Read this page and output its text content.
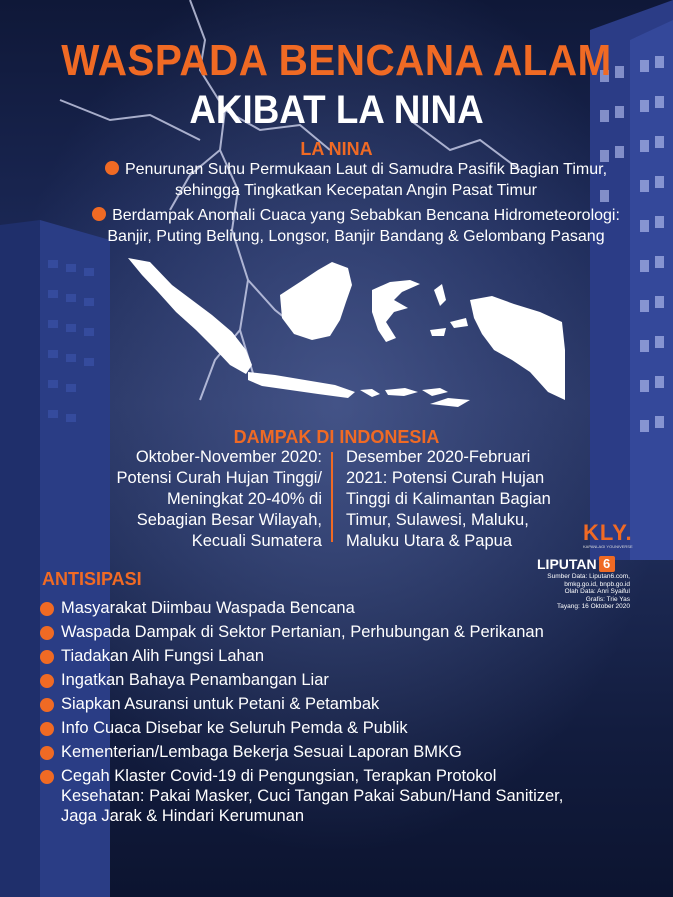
WASPADA BENCANA ALAM
AKIBAT LA NINA
LA NINA
Penurunan Suhu Permukaan Laut di Samudra Pasifik Bagian Timur,
sehingga Tingkatkan Kecepatan Angin Pasat Timur
Berdampak Anomali Cuaca yang Sebabkan Bencana Hidrometeorologi:
Banjir, Puting Beliung, Longsor, Banjir Bandang & Gelombang Pasang
DAMPAK DI INDONESIA
Oktober-November 2020:
Potensi Curah Hujan Tinggi/
Meningkat 20-40% di
Sebagian Besar Wilayah,
Kecuali Sumatera
Desember 2020-Februari
2021: Potensi Curah Hujan
Tinggi di Kalimantan Bagian
Timur, Sulawesi, Maluku,
Maluku Utara & Papua	KLY.
KAPANLAGI YOUNIVERSE
LIPUTAN 6
Sumber Data: Liputan6.com,
bmkg.go.id, bnpb.go.id
Olah Data: Anri Syaiful
Grafis: Trie Yas
Tayang: 16 Oktober 2020
ANTISIPASI
Masyarakat Diimbau Waspada Bencana
Waspada Dampak di Sektor Pertanian, Perhubungan & Perikanan
Tiadakan Alih Fungsi Lahan
Ingatkan Bahaya Penambangan Liar
Siapkan Asuransi untuk Petani & Petambak
Info Cuaca Disebar ke Seluruh Pemda & Publik
Kementerian/Lembaga Bekerja Sesuai Laporan BMKG
Cegah Klaster Covid-19 di Pengungsian, Terapkan Protokol
Kesehatan: Pakai Masker, Cuci Tangan Pakai Sabun/Hand Sanitizer,
Jaga Jarak & Hindari Kerumunan
